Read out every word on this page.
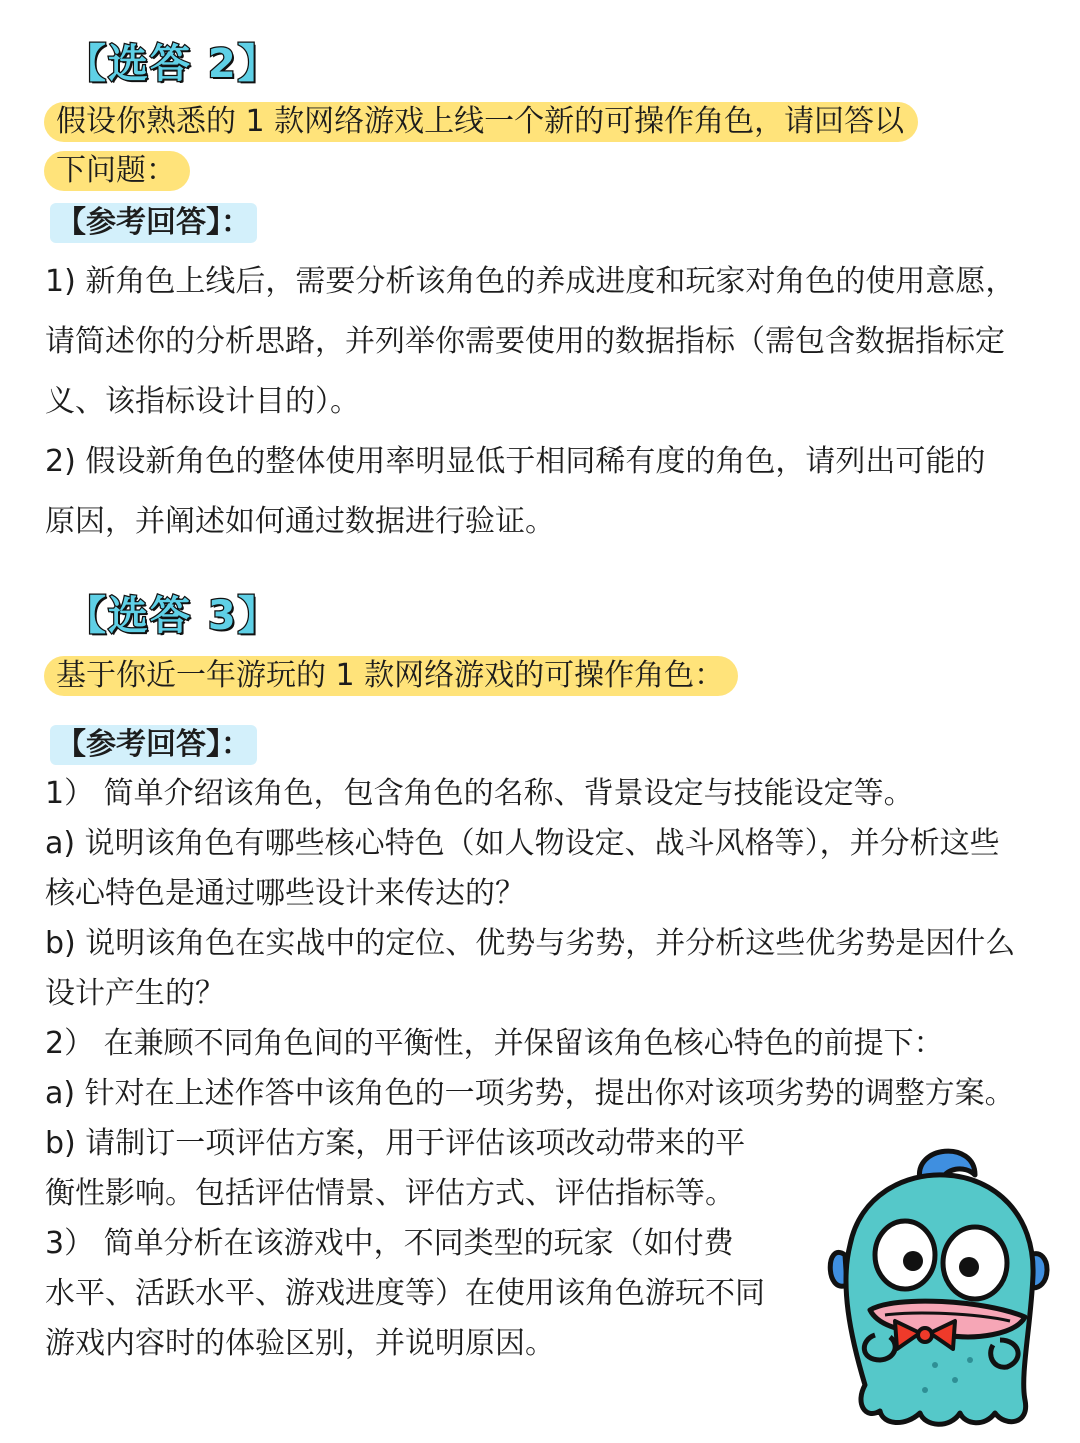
【选答 2】
假设你熟悉的 1 款网络游戏上线一个新的可操作角色，请回答以
下问题：
【参考回答】：
1) 新角色上线后，需要分析该角色的养成进度和玩家对角色的使用意愿，
请简述你的分析思路，并列举你需要使用的数据指标（需包含数据指标定
义、该指标设计目的）。
2) 假设新角色的整体使用率明显低于相同稀有度的角色，请列出可能的
原因，并阐述如何通过数据进行验证。
【选答 3】
基于你近一年游玩的 1 款网络游戏的可操作角色：
【参考回答】：
1） 简单介绍该角色，包含角色的名称、背景设定与技能设定等。
a) 说明该角色有哪些核心特色（如人物设定、战斗风格等），并分析这些
核心特色是通过哪些设计来传达的？
b) 说明该角色在实战中的定位、优势与劣势，并分析这些优劣势是因什么
设计产生的？
2） 在兼顾不同角色间的平衡性，并保留该角色核心特色的前提下：
a) 针对在上述作答中该角色的一项劣势，提出你对该项劣势的调整方案。
b) 请制订一项评估方案，用于评估该项改动带来的平
衡性影响。包括评估情景、评估方式、评估指标等。
3） 简单分析在该游戏中，不同类型的玩家（如付费
水平、活跃水平、游戏进度等）在使用该角色游玩不同
游戏内容时的体验区别，并说明原因。
